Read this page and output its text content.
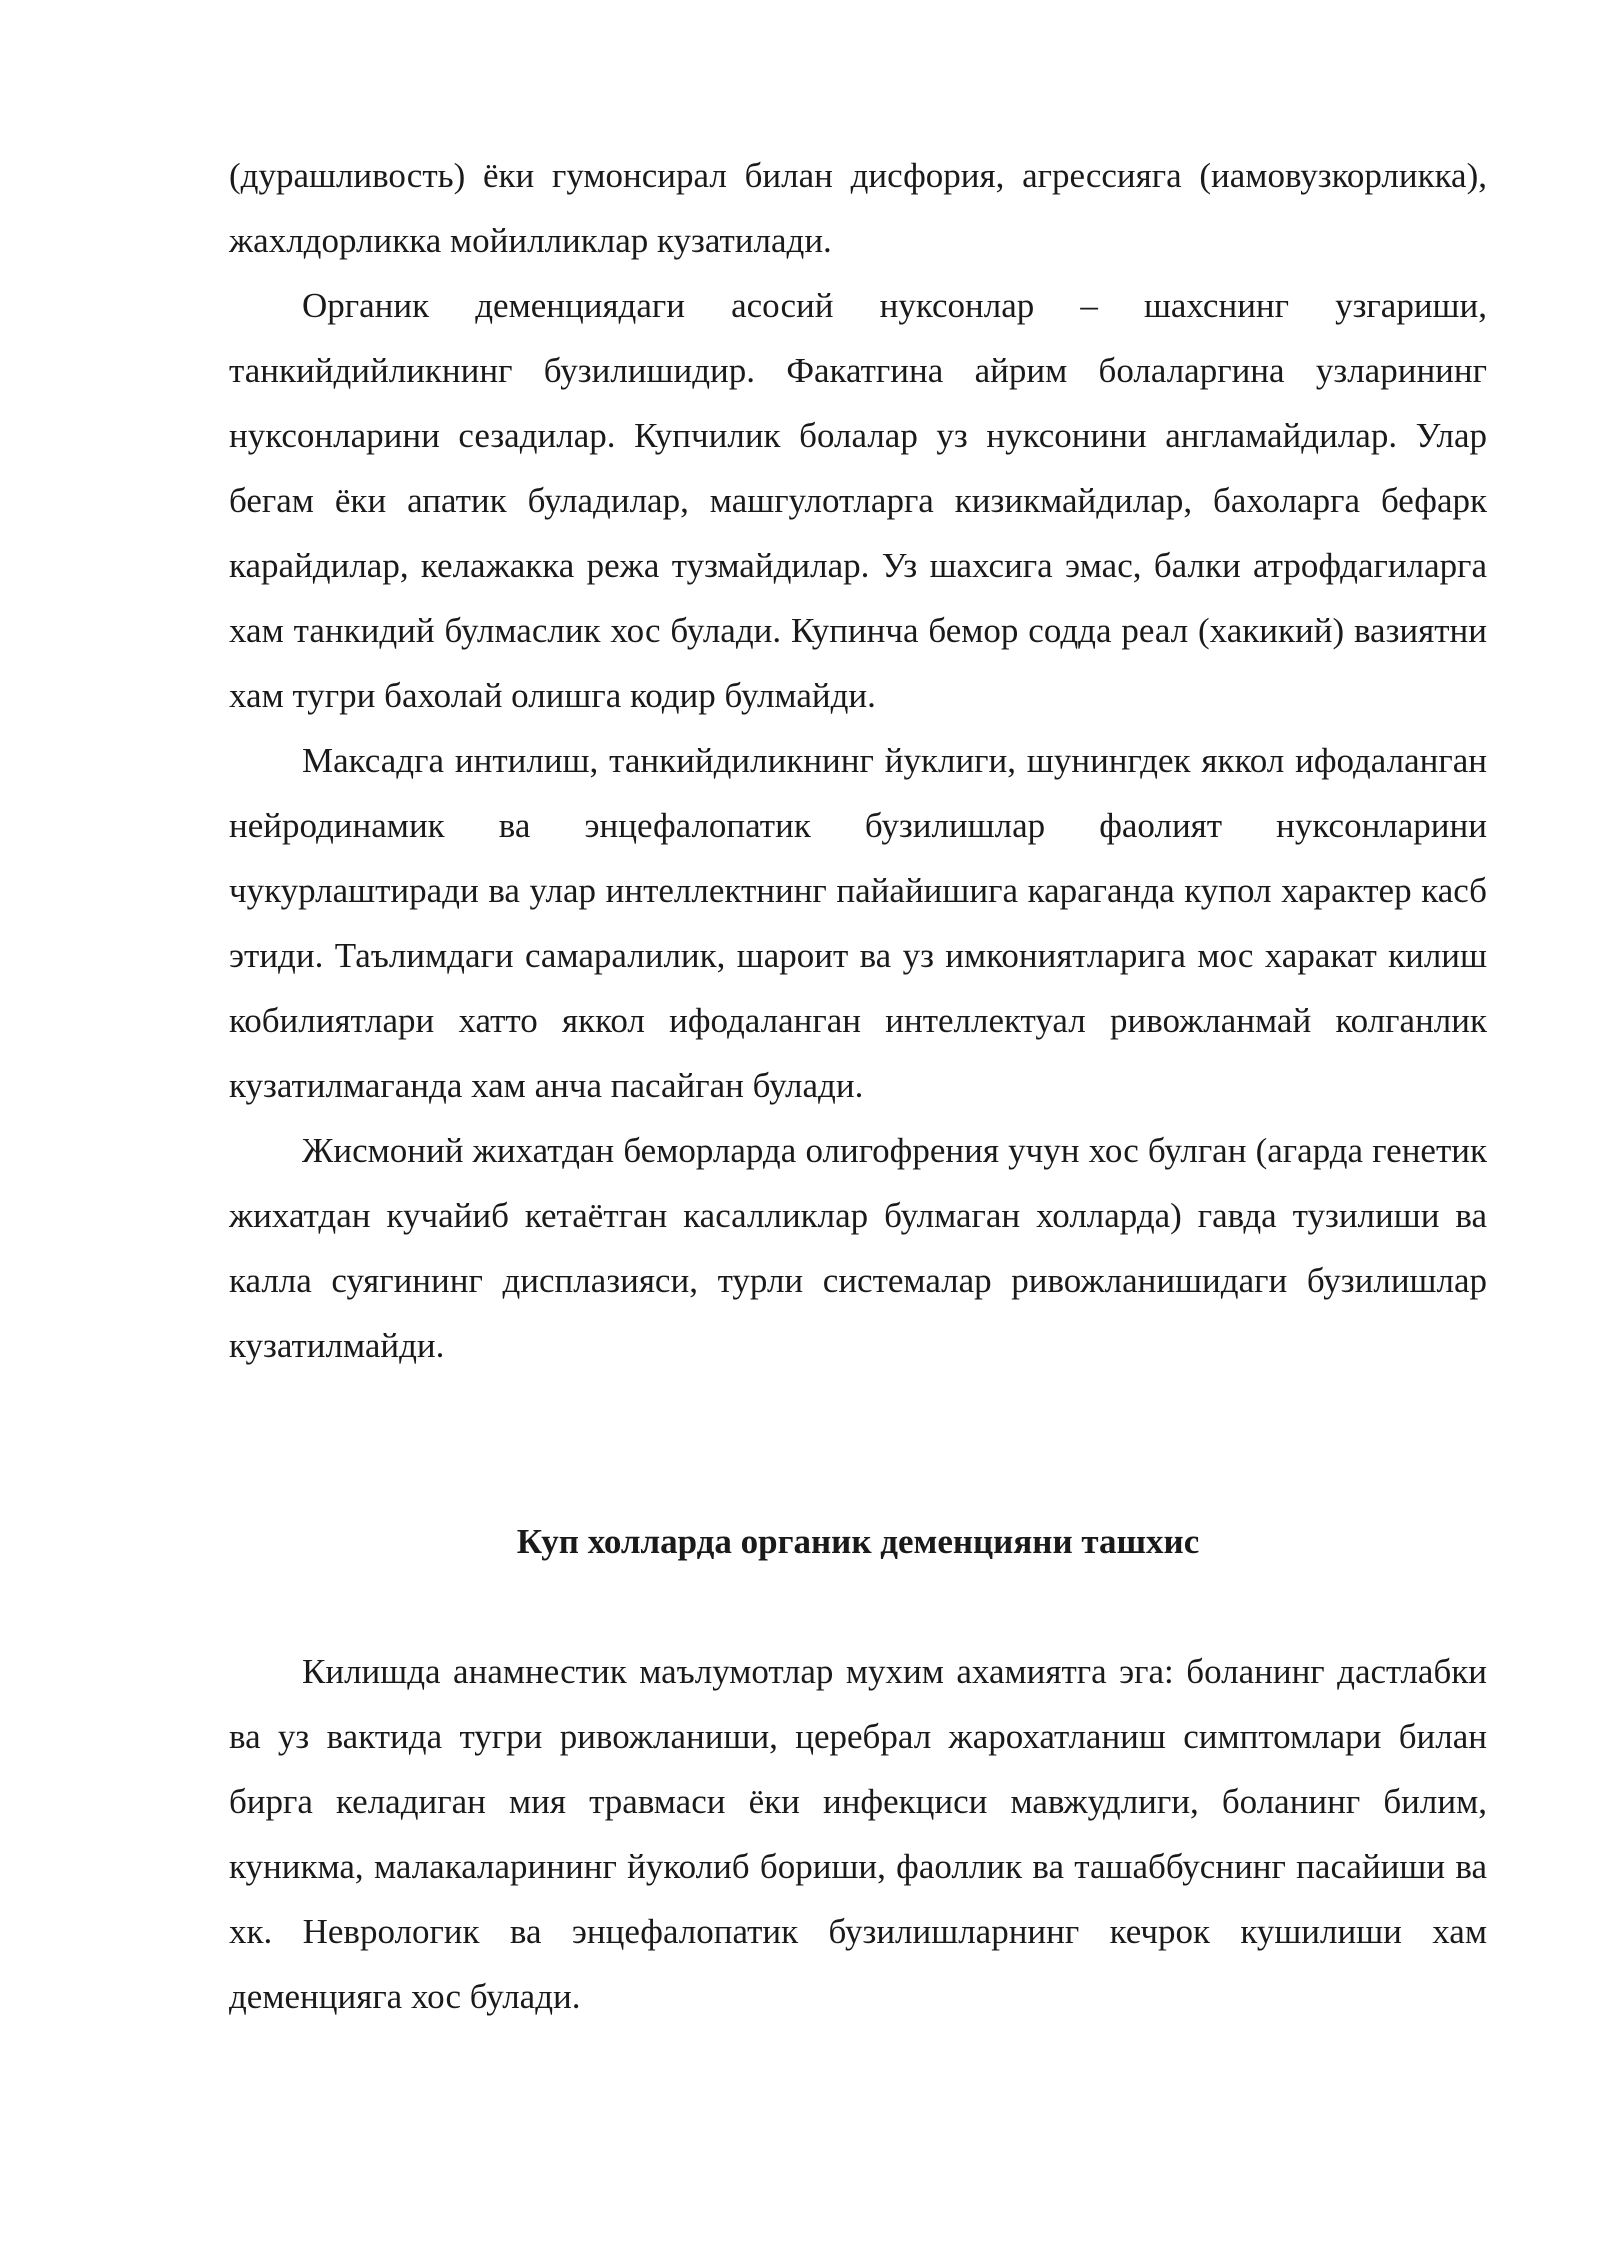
(дурашливость) ёки гумонсирал билан дисфория, агрессияга (иамовузкорликка), жахлдорликка мойилликлар кузатилади.

Органик деменциядаги асосий нуксонлар – шахснинг узгариши, танкийдийликнинг бузилишидир. Факатгина айрим болаларгина узларининг нуксонларини сезадилар. Купчилик болалар уз нуксонини англамайдилар. Улар бегам ёки апатик буладилар, машгулотларга кизикмайдилар, бахоларга бефарк карайдилар, келажакка режа тузмайдилар. Уз шахсига эмас, балки атрофдагиларга хам танкидий булмаслик хос булади. Купинча бемор содда реал (хакикий) вазиятни хам тугри бахолай олишга кодир булмайди.

Максадга интилиш, танкийдиликнинг йуклиги, шунингдек яккол ифодаланган нейродинамик ва энцефалопатик бузилишлар фаолият нуксонларини чукурлаштиради ва улар интеллектнинг пайайишига караганда купол характер касб этиди. Таълимдаги самаралилик, шароит ва уз имкониятларига мос харакат килиш кобилиятлари хатто яккол ифодаланган интеллектуал ривожланмай колганлик кузатилмаганда хам анча пасайган булади.

Жисмоний жихатдан беморларда олигофрения учун хос булган (агарда генетик жихатдан кучайиб кетаётган касалликлар булмаган холларда) гавда тузилиши ва калла суягининг дисплазияси, турли системалар ривожланишидаги бузилишлар кузатилмайди.

Куп холларда органик деменцияни ташхис

Килишда анамнестик маълумотлар мухим ахамиятга эга: боланинг дастлабки ва уз вактида тугри ривожланиши, церебрал жарохатланиш симптомлари билан бирга келадиган мия травмаси ёки инфекциси мавжудлиги, боланинг билим, куникма, малакаларининг йуколиб бориши, фаоллик ва ташаббуснинг пасайиши ва хк. Неврологик ва энцефалопатик бузилишларнинг кечрок кушилиши хам деменцияга хос булади.
